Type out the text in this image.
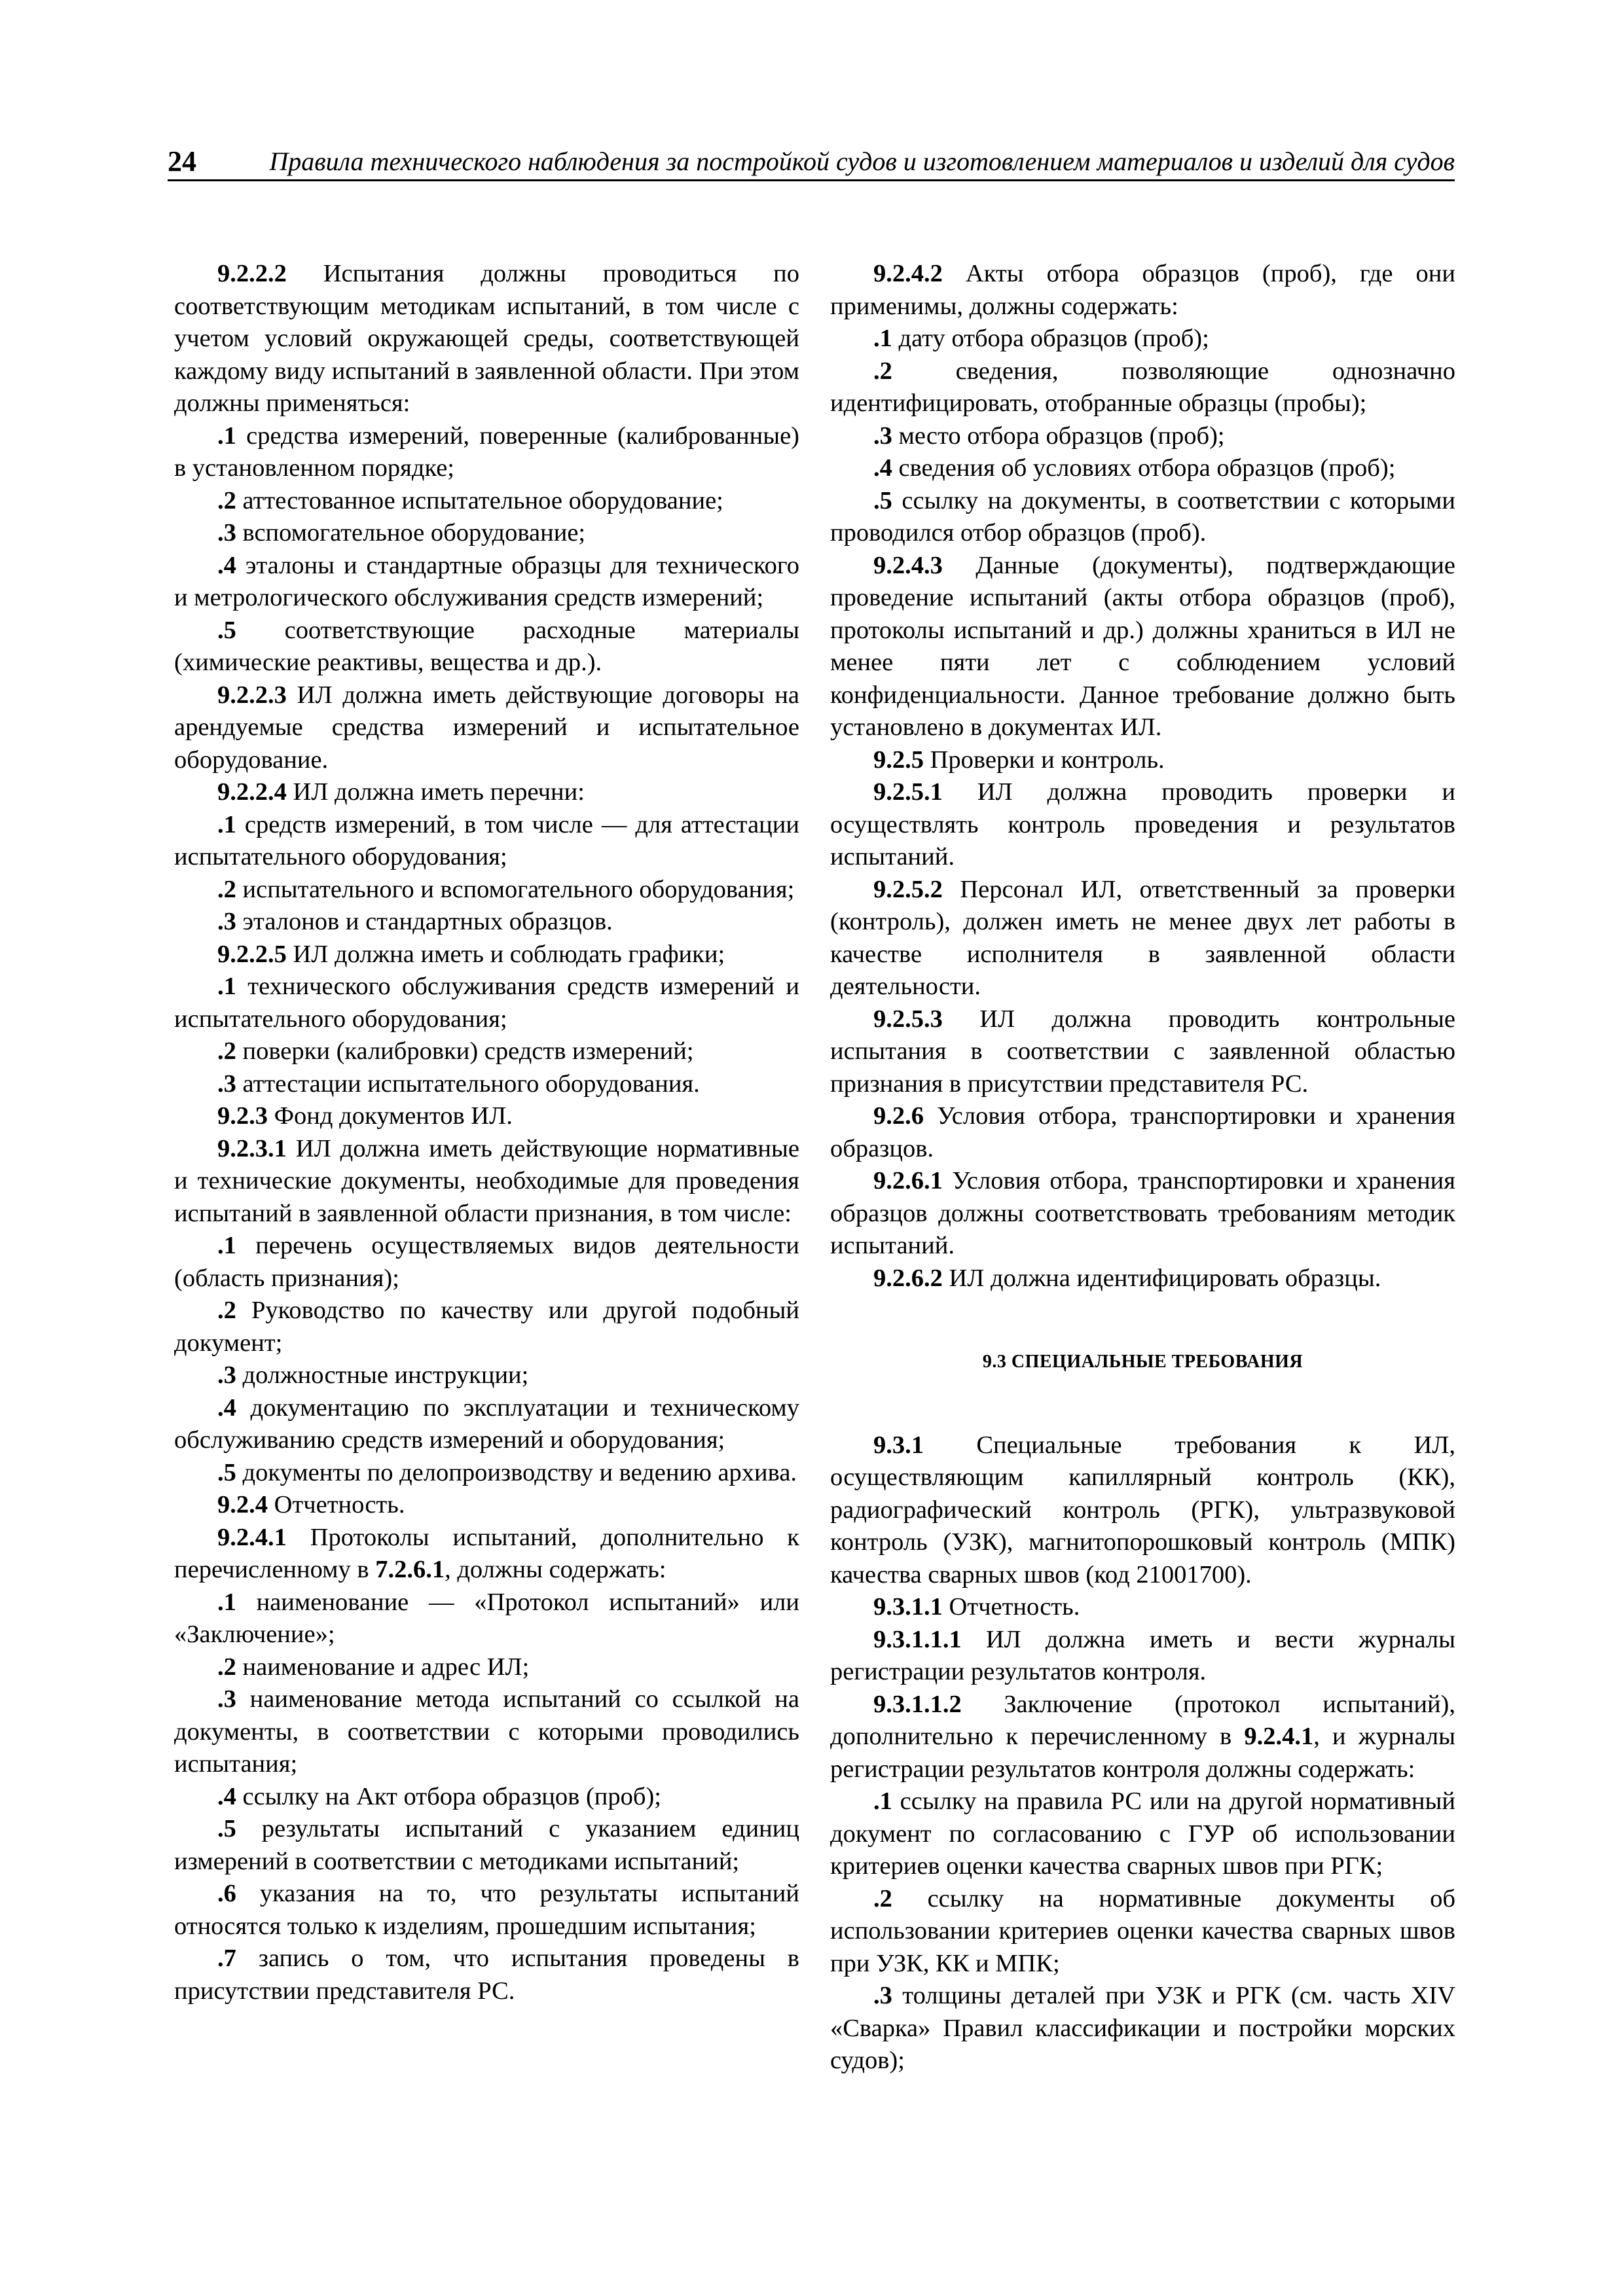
24	Правила технического наблюдения за постройкой судов и изготовлением материалов и изделий для судов

9.2.2.2 Испытания должны проводиться по соответствующим методикам испытаний, в том числе с учетом условий окружающей среды, соответствующей каждому виду испытаний в заявленной области. При этом должны применяться:

.1 средства измерений, поверенные (калиброванные) в установленном порядке;

.2 аттестованное испытательное оборудование;

.3 вспомогательное оборудование;

.4 эталоны и стандартные образцы для технического и метрологического обслуживания средств измерений;

.5 соответствующие расходные материалы (химические реактивы, вещества и др.).

9.2.2.3 ИЛ должна иметь действующие договоры на арендуемые средства измерений и испытательное оборудование.

9.2.2.4 ИЛ должна иметь перечни:

.1 средств измерений, в том числе — для аттестации испытательного оборудования;

.2 испытательного и вспомогательного оборудования;

.3 эталонов и стандартных образцов.

9.2.2.5 ИЛ должна иметь и соблюдать графики;

.1 технического обслуживания средств измерений и испытательного оборудования;

.2 поверки (калибровки) средств измерений;

.3 аттестации испытательного оборудования.

9.2.3 Фонд документов ИЛ.

9.2.3.1 ИЛ должна иметь действующие нормативные и технические документы, необходимые для проведения испытаний в заявленной области признания, в том числе:

.1 перечень осуществляемых видов деятельности (область признания);

.2 Руководство по качеству или другой подобный документ;

.3 должностные инструкции;

.4 документацию по эксплуатации и техническому обслуживанию средств измерений и оборудования;

.5 документы по делопроизводству и ведению архива.

9.2.4 Отчетность.

9.2.4.1 Протоколы испытаний, дополнительно к перечисленному в 7.2.6.1, должны содержать:

.1 наименование — «Протокол испытаний» или «Заключение»;

.2 наименование и адрес ИЛ;

.3 наименование метода испытаний со ссылкой на документы, в соответствии с которыми проводились испытания;

.4 ссылку на Акт отбора образцов (проб);

.5 результаты испытаний с указанием единиц измерений в соответствии с методиками испытаний;

.6 указания на то, что результаты испытаний относятся только к изделиям, прошедшим испытания;

.7 запись о том, что испытания проведены в присутствии представителя РС.

9.2.4.2 Акты отбора образцов (проб), где они применимы, должны содержать:

.1 дату отбора образцов (проб);

.2 сведения, позволяющие однозначно идентифицировать, отобранные образцы (пробы);

.3 место отбора образцов (проб);

.4 сведения об условиях отбора образцов (проб);

.5 ссылку на документы, в соответствии с которыми проводился отбор образцов (проб).

9.2.4.3 Данные (документы), подтверждающие проведение испытаний (акты отбора образцов (проб), протоколы испытаний и др.) должны храниться в ИЛ не менее пяти лет с соблюдением условий конфиденциальности. Данное требование должно быть установлено в документах ИЛ.

9.2.5 Проверки и контроль.

9.2.5.1 ИЛ должна проводить проверки и осуществлять контроль проведения и результатов испытаний.

9.2.5.2 Персонал ИЛ, ответственный за проверки (контроль), должен иметь не менее двух лет работы в качестве исполнителя в заявленной области деятельности.

9.2.5.3 ИЛ должна проводить контрольные испытания в соответствии с заявленной областью признания в присутствии представителя РС.

9.2.6 Условия отбора, транспортировки и хранения образцов.

9.2.6.1 Условия отбора, транспортировки и хранения образцов должны соответствовать требованиям методик испытаний.

9.2.6.2 ИЛ должна идентифицировать образцы.

9.3 СПЕЦИАЛЬНЫЕ ТРЕБОВАНИЯ

9.3.1 Специальные требования к ИЛ, осуществляющим капиллярный контроль (КК), радиографический контроль (РГК), ультразвуковой контроль (УЗК), магнитопорошковый контроль (МПК) качества сварных швов (код 21001700).

9.3.1.1 Отчетность.

9.3.1.1.1 ИЛ должна иметь и вести журналы регистрации результатов контроля.

9.3.1.1.2 Заключение (протокол испытаний), дополнительно к перечисленному в 9.2.4.1, и журналы регистрации результатов контроля должны содержать:

.1 ссылку на правила РС или на другой нормативный документ по согласованию с ГУР об использовании критериев оценки качества сварных швов при РГК;

.2 ссылку на нормативные документы об использовании критериев оценки качества сварных швов при УЗК, КК и МПК;

.3 толщины деталей при УЗК и РГК (см. часть XIV «Сварка» Правил классификации и постройки морских судов);
